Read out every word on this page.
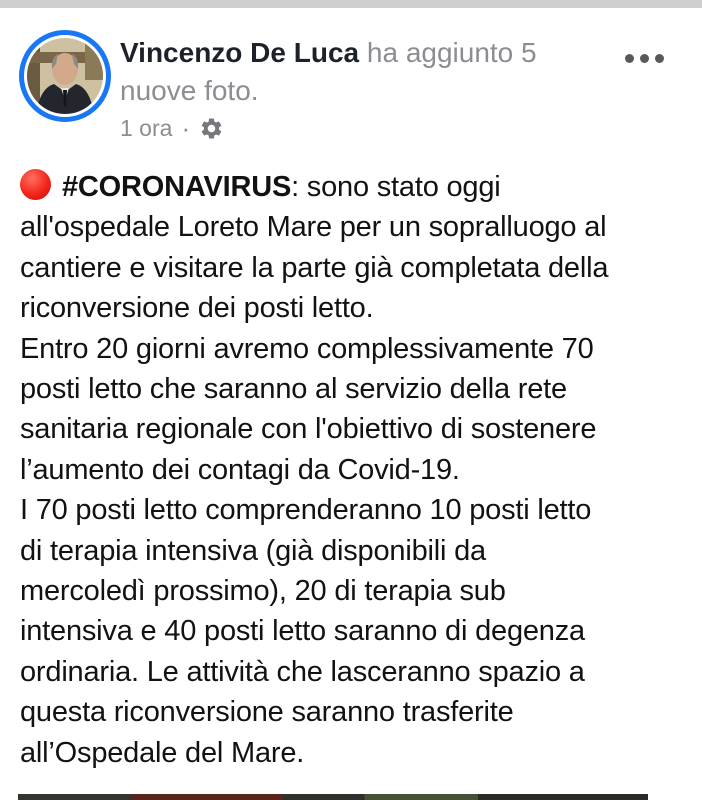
Vincenzo De Luca ha aggiunto 5
nuove foto.
1 ora ·
#CORONAVIRUS: sono stato oggi
all'ospedale Loreto Mare per un sopralluogo al
cantiere e visitare la parte già completata della
riconversione dei posti letto.
Entro 20 giorni avremo complessivamente 70
posti letto che saranno al servizio della rete
sanitaria regionale con l'obiettivo di sostenere
l’aumento dei contagi da Covid-19.
I 70 posti letto comprenderanno 10 posti letto
di terapia intensiva (già disponibili da
mercoledì prossimo), 20 di terapia sub
intensiva e 40 posti letto saranno di degenza
ordinaria. Le attività che lasceranno spazio a
questa riconversione saranno trasferite
all’Ospedale del Mare.
